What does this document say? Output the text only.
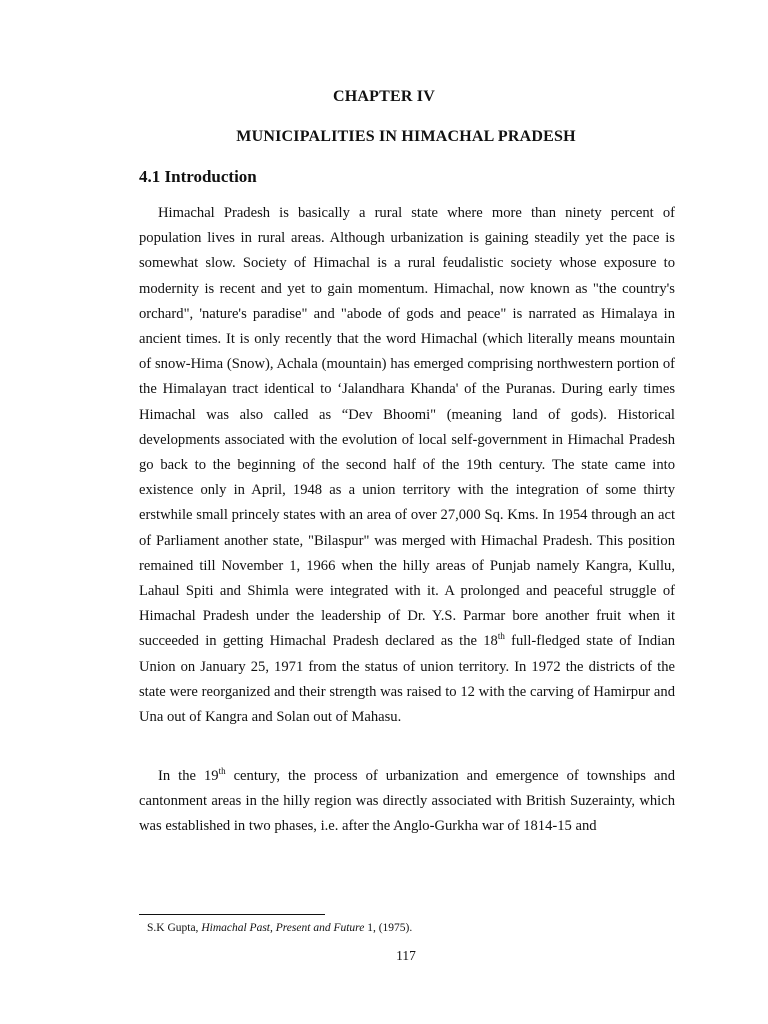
CHAPTER IV
MUNICIPALITIES IN HIMACHAL PRADESH
4.1 Introduction

Himachal Pradesh is basically a rural state where more than ninety percent of population lives in rural areas. Although urbanization is gaining steadily yet the pace is somewhat slow. Society of Himachal is a rural feudalistic society whose exposure to modernity is recent and yet to gain momentum. Himachal, now known as "the country's orchard", 'nature's paradise" and "abode of gods and peace" is narrated as Himalaya in ancient times. It is only recently that the word Himachal (which literally means mountain of snow-Hima (Snow), Achala (mountain) has emerged comprising northwestern portion of the Himalayan tract identical to ‘Jalandhara Khanda' of the Puranas. During early times Himachal was also called as “Dev Bhoomi" (meaning land of gods). Historical developments associated with the evolution of local self-government in Himachal Pradesh go back to the beginning of the second half of the 19th century. The state came into existence only in April, 1948 as a union territory with the integration of some thirty erstwhile small princely states with an area of over 27,000 Sq. Kms. In 1954 through an act of Parliament another state, "Bilaspur" was merged with Himachal Pradesh. This position remained till November 1, 1966 when the hilly areas of Punjab namely Kangra, Kullu, Lahaul Spiti and Shimla were integrated with it. A prolonged and peaceful struggle of Himachal Pradesh under the leadership of Dr. Y.S. Parmar bore another fruit when it succeeded in getting Himachal Pradesh declared as the 18th full-fledged state of Indian Union on January 25, 1971 from the status of union territory. In 1972 the districts of the state were reorganized and their strength was raised to 12 with the carving of Hamirpur and Una out of Kangra and Solan out of Mahasu.

In the 19th century, the process of urbanization and emergence of townships and cantonment areas in the hilly region was directly associated with British Suzerainty, which was established in two phases, i.e. after the Anglo-Gurkha war of 1814-15 and

S.K Gupta, Himachal Past, Present and Future 1, (1975).
117
